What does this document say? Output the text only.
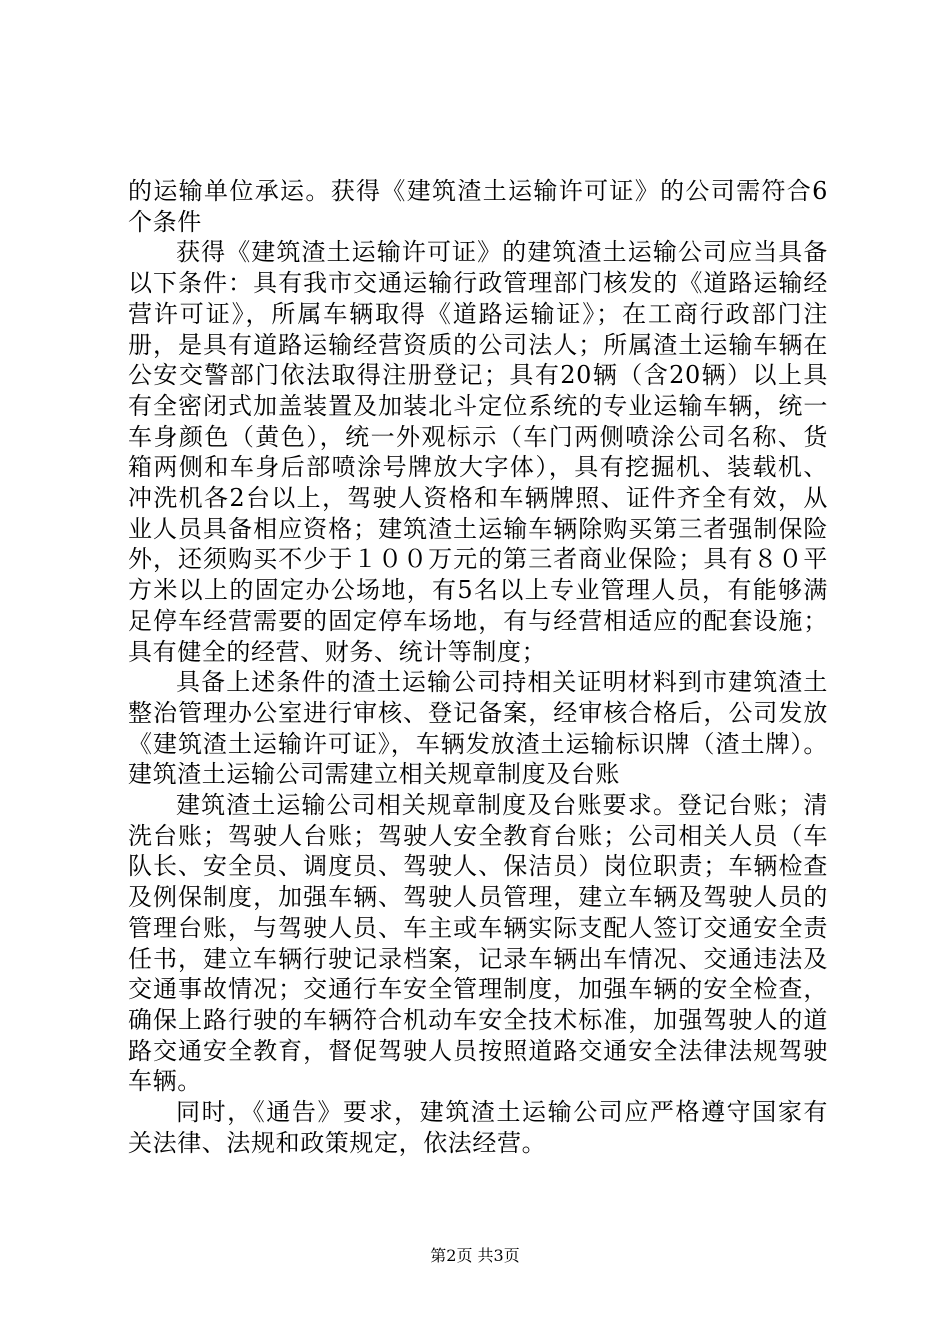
的运输单位承运。获得《建筑渣土运输许可证》的公司需符合6个条件

获得《建筑渣土运输许可证》的建筑渣土运输公司应当具备以下条件：具有我市交通运输行政管理部门核发的《道路运输经营许可证》，所属车辆取得《道路运输证》；在工商行政部门注册，是具有道路运输经营资质的公司法人；所属渣土运输车辆在公安交警部门依法取得注册登记；具有20辆（含20辆）以上具有全密闭式加盖装置及加装北斗定位系统的专业运输车辆，统一车身颜色（黄色），统一外观标示（车门两侧喷涂公司名称、货箱两侧和车身后部喷涂号牌放大字体），具有挖掘机、装载机、冲洗机各2台以上，驾驶人资格和车辆牌照、证件齐全有效，从业人员具备相应资格；建筑渣土运输车辆除购买第三者强制保险外，还须购买不少于１００万元的第三者商业保险；具有８０平方米以上的固定办公场地，有5名以上专业管理人员，有能够满足停车经营需要的固定停车场地，有与经营相适应的配套设施；具有健全的经营、财务、统计等制度；

具备上述条件的渣土运输公司持相关证明材料到市建筑渣土整治管理办公室进行审核、登记备案，经审核合格后，公司发放《建筑渣土运输许可证》，车辆发放渣土运输标识牌（渣土牌）。建筑渣土运输公司需建立相关规章制度及台账

建筑渣土运输公司相关规章制度及台账要求。登记台账；清洗台账；驾驶人台账；驾驶人安全教育台账；公司相关人员（车队长、安全员、调度员、驾驶人、保洁员）岗位职责；车辆检查及例保制度，加强车辆、驾驶人员管理，建立车辆及驾驶人员的管理台账，与驾驶人员、车主或车辆实际支配人签订交通安全责任书，建立车辆行驶记录档案，记录车辆出车情况、交通违法及交通事故情况；交通行车安全管理制度，加强车辆的安全检查，确保上路行驶的车辆符合机动车安全技术标准，加强驾驶人的道路交通安全教育，督促驾驶人员按照道路交通安全法律法规驾驶车辆。

同时，《通告》要求，建筑渣土运输公司应严格遵守国家有关法律、法规和政策规定，依法经营。

第2页 共3页
